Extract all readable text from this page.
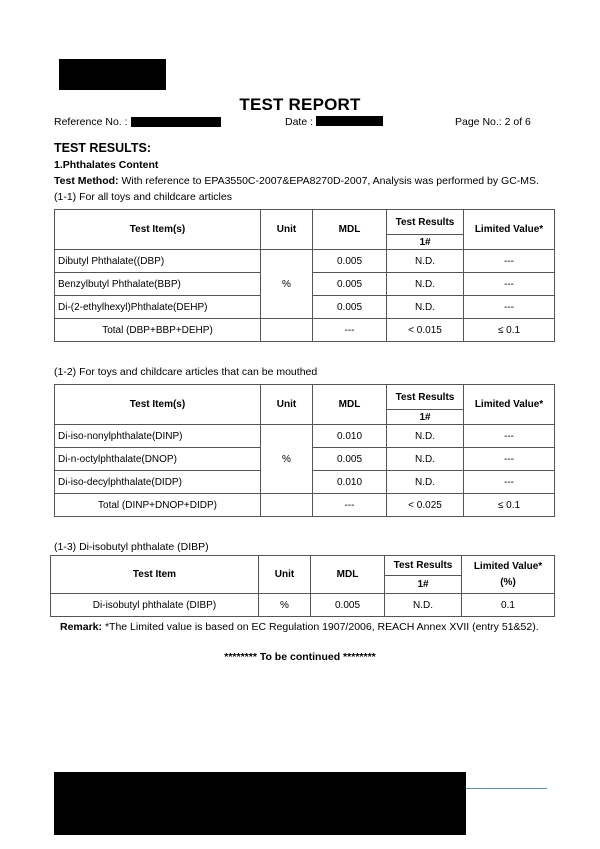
TEST REPORT
Reference No. :	Date :	Page No.: 2 of 6
TEST RESULTS:
1.Phthalates Content
Test Method: With reference to EPA3550C-2007&EPA8270D-2007, Analysis was performed by GC-MS.
(1-1) For all toys and childcare articles
Test Item(s)	Unit	MDL	Test Results	Limited Value*
			1#	
Dibutyl Phthalate((DBP)	%	0.005	N.D.	---
Benzylbutyl Phthalate(BBP)		0.005	N.D.	---
Di-(2-ethylhexyl)Phthalate(DEHP)		0.005	N.D.	---
Total (DBP+BBP+DEHP)		---	< 0.015	≤ 0.1
(1-2) For toys and childcare articles that can be mouthed
Test Item(s)	Unit	MDL	Test Results	Limited Value*
			1#	
Di-iso-nonylphthalate(DINP)	%	0.010	N.D.	---
Di-n-octylphthalate(DNOP)		0.005	N.D.	---
Di-iso-decylphthalate(DIDP)		0.010	N.D.	---
Total (DINP+DNOP+DIDP)		---	< 0.025	≤ 0.1
(1-3) Di-isobutyl phthalate (DIBP)
Test Item	Unit	MDL	Test Results	Limited Value*
(%)

			1#	
Di-isobutyl phthalate (DIBP)	%	0.005	N.D.	0.1
Remark: *The Limited value is based on EC Regulation 1907/2006, REACH Annex XVII (entry 51&52).
******** To be continued ********
